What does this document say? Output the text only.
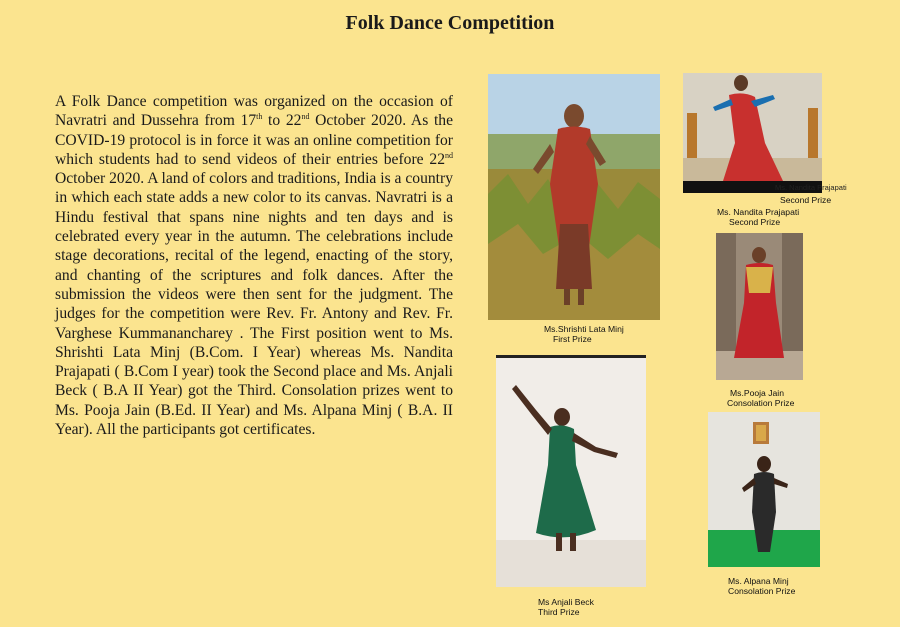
Folk Dance Competition
A Folk Dance competition was organized on the occasion of Navratri and Dussehra from 17th to 22nd October 2020. As the COVID-19 protocol is in force it was an online competition for which students had to send videos of their entries before 22nd October 2020. A land of colors and traditions, India is a country in which each state adds a new color to its canvas. Navratri is a Hindu festival that spans nine nights and ten days and is celebrated every year in the autumn. The celebrations include stage decorations, recital of the legend, enacting of the story, and chanting of the scriptures and folk dances. After the submission the videos were then sent for the judgment. The judges for the competition were Rev. Fr. Antony and Rev. Fr. Varghese Kummanancharey . The First position went to Ms. Shrishti Lata Minj (B.Com. I Year) whereas Ms. Nandita Prajapati ( B.Com I year) took the Second place and Ms. Anjali Beck ( B.A II Year) got the Third. Consolation prizes went to Ms. Pooja Jain (B.Ed. II Year) and Ms. Alpana Minj ( B.A. II Year). All the participants got certificates.
Ms.Shrishti Lata Minj
First Prize
Ms. Nandita Prajapati
Second Prize
Ms. Nandita Prajapati
Second Prize
Ms.Pooja Jain
Consolation Prize
Ms Anjali Beck
Third Prize
Ms. Alpana Minj
Consolation Prize
